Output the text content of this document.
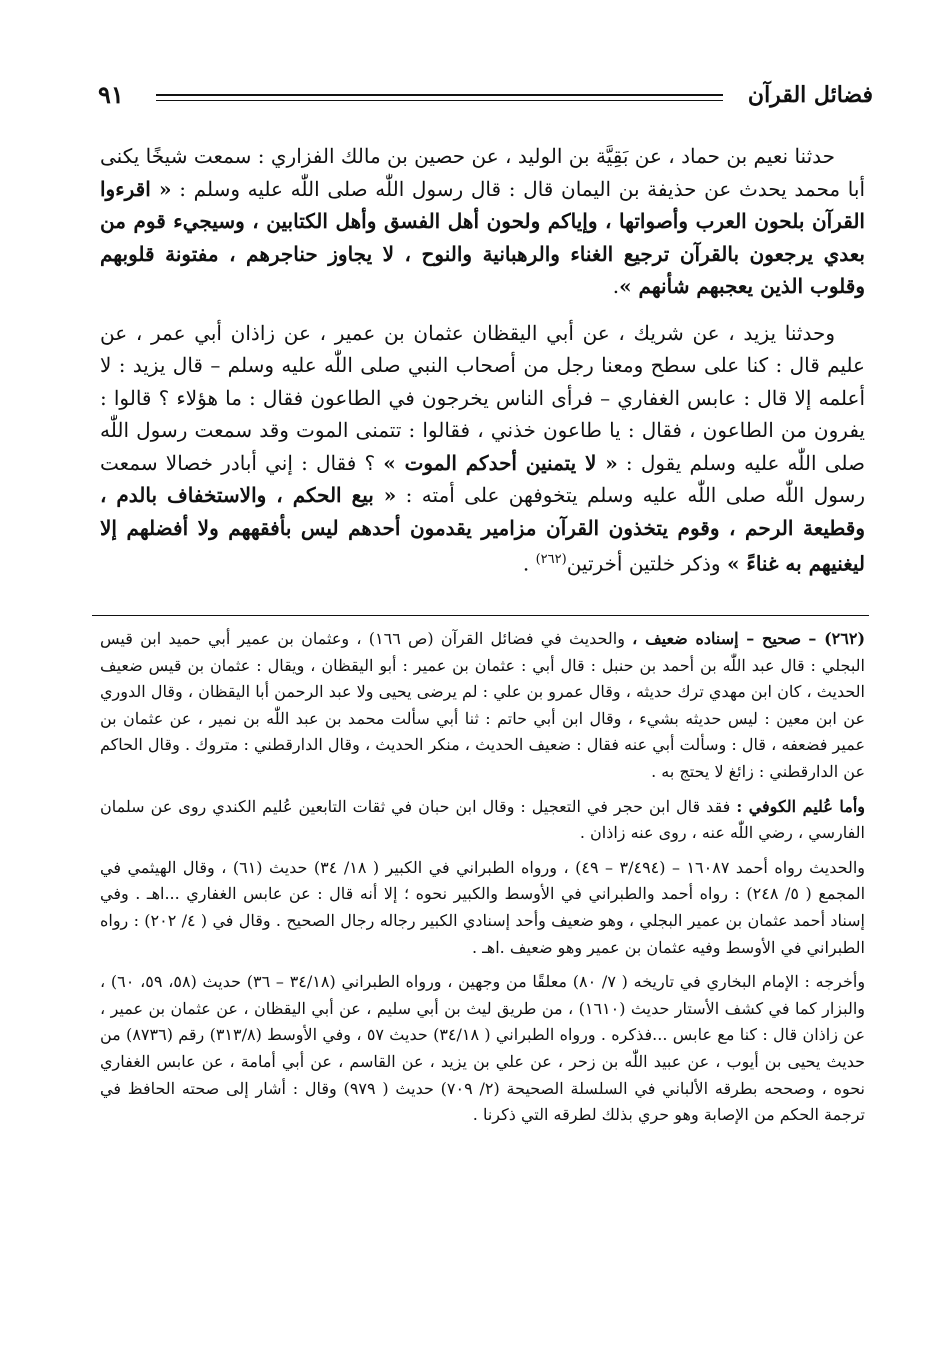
فضائل القرآن
٩١

حدثنا نعيم بن حماد ، عن بَقِيَّة بن الوليد ، عن حصين بن مالك الفزاري : سمعت شيخًا يكنى أبا محمد يحدث عن حذيفة بن اليمان قال : قال رسول اللّٰه صلى اللّٰه عليه وسلم : « اقرءوا القرآن بلحون العرب وأصواتها ، وإياكم ولحون أهل الفسق وأهل الكتابين ، وسيجيء قوم من بعدي يرجعون بالقرآن ترجيع الغناء والرهبانية والنوح ، لا يجاوز حناجرهم ، مفتونة قلوبهم وقلوب الذين يعجبهم شأنهم ».

وحدثنا يزيد ، عن شريك ، عن أبي اليقظان عثمان بن عمير ، عن زاذان أبي عمر ، عن عليم قال : كنا على سطح ومعنا رجل من أصحاب النبي صلى اللّٰه عليه وسلم – قال يزيد : لا أعلمه إلا قال : عابس الغفاري – فرأى الناس يخرجون في الطاعون فقال : ما هؤلاء ؟ قالوا : يفرون من الطاعون ، فقال : يا طاعون خذني ، فقالوا : تتمنى الموت وقد سمعت رسول اللّٰه صلى اللّٰه عليه وسلم يقول : « لا يتمنين أحدكم الموت » ؟ فقال : إني أبادر خصالا سمعت رسول اللّٰه صلى اللّٰه عليه وسلم يتخوفهن على أمته : « بيع الحكم ، والاستخفاف بالدم ، وقطيعة الرحم ، وقوم يتخذون القرآن مزامير يقدمون أحدهم ليس بأفقههم ولا أفضلهم إلا ليغنيهم به غناءً » وذكر خلتين أخرتين$^{(٢٦٢)}$ .

(٢٦٢) – صحيح – إسناده ضعيف ، والحديث في فضائل القرآن (ص ١٦٦) ، وعثمان بن عمير أبي حميد ابن قيس البجلي : قال عبد اللّٰه بن أحمد بن حنبل : قال أبي : عثمان بن عمير : أبو اليقظان ، ويقال : عثمان بن قيس ضعيف الحديث ، كان ابن مهدي ترك حديثه ، وقال عمرو بن علي : لم يرضى يحيى ولا عبد الرحمن أبا اليقظان ، وقال الدوري عن ابن معين : ليس حديثه بشيء ، وقال ابن أبي حاتم : ثنا أبي سألت محمد بن عبد اللّٰه بن نمير ، عن عثمان بن عمير فضعفه ، قال : وسألت أبي عنه فقال : ضعيف الحديث ، منكر الحديث ، وقال الدارقطني : متروك . وقال الحاكم عن الدارقطني : زائغ لا يحتج به .

وأما عُليم الكوفي : فقد قال ابن حجر في التعجيل : وقال ابن حبان في ثقات التابعين عُليم الكندي روى عن سلمان الفارسي ، رضي اللّٰه عنه ، روى عنه زاذان .

والحديث رواه أحمد ١٦٠٨٧ – (٣/٤٩٤ – ٤٩) ، ورواه الطبراني في الكبير ( ١٨/ ٣٤) حديث (٦١) ، وقال الهيثمي في المجمع ( ٥/ ٢٤٨) : رواه أحمد والطبراني في الأوسط والكبير نحوه ؛ إلا أنه قال : عن عابس الغفاري ...اهـ . وفي إسناد أحمد عثمان بن عمير البجلي ، وهو ضعيف وأحد إسنادي الكبير رجاله رجال الصحيح . وقال في ( ٤/ ٢٠٢) : رواه الطبراني في الأوسط وفيه عثمان بن عمير وهو ضعيف .اهـ .

وأخرجه : الإمام البخاري في تاريخه ( ٧/ ٨٠) معلقًا من وجهين ، ورواه الطبراني (٣٤/١٨ – ٣٦) حديث (٥٨، ٥٩، ٦٠) ، والبزار كما في كشف الأستار حديث (١٦١٠) ، من طريق ليث بن أبي سليم ، عن أبي اليقظان ، عن عثمان بن عمير ، عن زاذان قال : كنا مع عابس ...فذكره . ورواه الطبراني ( ٣٤/١٨) حديث ٥٧ ، وفي الأوسط (٣١٣/٨) رقم (٨٧٣٦) من حديث يحيى بن أيوب ، عن عبيد اللّٰه بن زحر ، عن علي بن يزيد ، عن القاسم ، عن أبي أمامة ، عن عابس الغفاري نحوه ، وصححه بطرقه الألباني في السلسلة الصحيحة (٢/ ٧٠٩) حديث ( ٩٧٩) وقال : أشار إلى صحته الحافظ في ترجمة الحكم من الإصابة وهو حري بذلك لطرقه التي ذكرنا .
